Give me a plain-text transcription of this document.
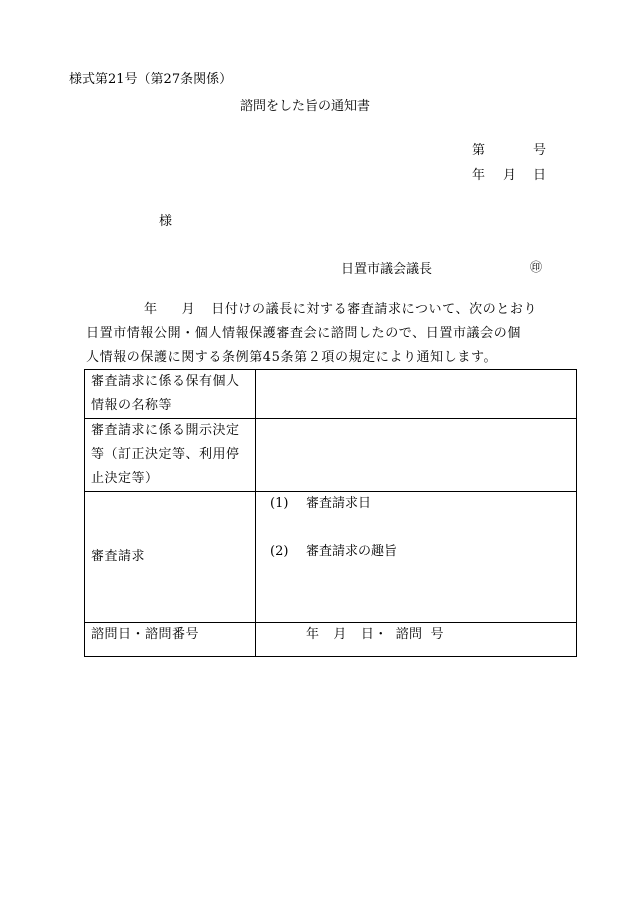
様式第21号（第27条関係）
諮問をした旨の通知書
第	号
年 月 日
様
日置市議会議長	㊞

年 月 日付けの議長に対する審査請求について、次のとおり

日置市情報公開・個人情報保護審査会に諮問したので、日置市議会の個

人情報の保護に関する条例第45条第２項の規定により通知します。

審査請求に係る保有個人情報の名称等	
審査請求に係る開示決定等（訂正決定等、利用停止決定等）	
審査請求	(1) 審査請求日
(2) 審査請求の趣旨

諮問日・諮問番号	年 月 日・ 諮問 号
